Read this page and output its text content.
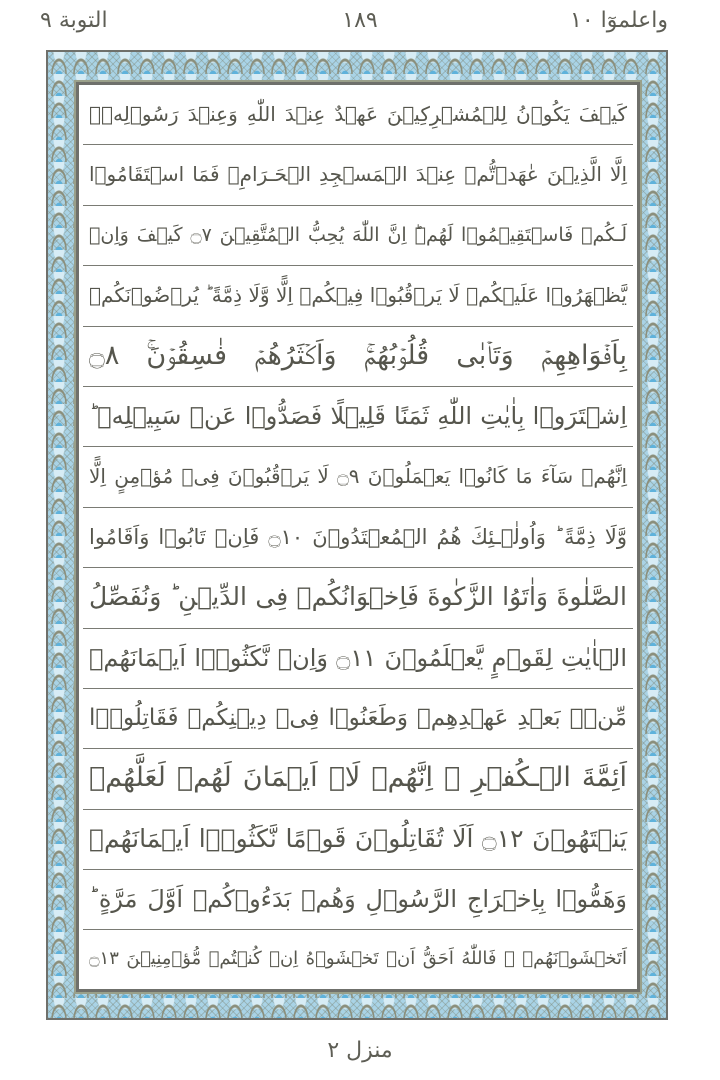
واعلموٓا ١٠
١٨٩
التوبة ٩
كَيۡفَ يَكُوۡنُ لِلۡمُشۡرِكِيۡنَ عَهۡدٌ عِنۡدَ اللّٰهِ وَعِنۡدَ رَسُوۡلِهٖۤ
اِلَّا الَّذِيۡنَ عٰهَدۡتُّمۡ عِنۡدَ الۡمَسۡجِدِ الۡحَـرَامِ‌ۚ فَمَا اسۡتَقَامُوۡا
لَـكُمۡ فَاسۡتَقِيۡمُوۡا لَهُمۡ‌ؕ اِنَّ اللّٰهَ يُحِبُّ الۡمُتَّقِيۡنَ ۝٧ كَيۡفَ وَاِنۡ
يَّظۡهَرُوۡا عَلَيۡكُمۡ لَا يَرۡقُبُوۡا فِيۡكُمۡ اِلًّا وَّلَا ذِمَّةً‌ ؕ يُرۡضُوۡنَكُمۡ
بِاَفۡوَاهِهِمۡ وَتَاۡبٰى قُلُوۡبُهُمۡ‌ۚ وَاَكۡثَرُهُمۡ فٰسِقُوۡنَ‌ۚ ۝٨
اِشۡتَرَوۡا بِاٰيٰتِ اللّٰهِ ثَمَنًا قَلِيۡلًا فَصَدُّوۡا عَنۡ سَبِيۡلِهٖ‌ ؕ
اِنَّهُمۡ سَآءَ مَا كَانُوۡا يَعۡمَلُوۡنَ ۝٩ لَا يَرۡقُبُوۡنَ فِىۡ مُؤۡمِنٍ اِلًّا
وَّلَا ذِمَّةً‌ ؕ وَاُولٰۤـئِكَ هُمُ الۡمُعۡتَدُوۡنَ ۝١٠ فَاِنۡ تَابُوۡا وَاَقَامُوا
الصَّلٰوةَ وَاٰتَوُا الزَّكٰوةَ فَاِخۡوَانُكُمۡ فِى الدِّيۡنِ‌ ؕ وَنُفَصِّلُ
الۡاٰيٰتِ لِقَوۡمٍ يَّعۡلَمُوۡنَ ۝١١ وَاِنۡ نَّكَثُوۡۤا اَيۡمَانَهُمۡ
مِّنۡۢ بَعۡدِ عَهۡدِهِمۡ وَطَعَنُوۡا فِىۡ دِيۡنِكُمۡ فَقَاتِلُوۡۤا
اَئِمَّةَ الۡـكُفۡرِ‌ ۙ اِنَّهُمۡ لَاۤ اَيۡمَانَ لَهُمۡ لَعَلَّهُمۡ
يَنۡتَهُوۡنَ ۝١٢ اَلَا تُقَاتِلُوۡنَ قَوۡمًا نَّكَثُوۡۤا اَيۡمَانَهُمۡ
وَهَمُّوۡا بِاِخۡرَاجِ الرَّسُوۡلِ وَهُمۡ بَدَءُوۡكُمۡ اَوَّلَ مَرَّةٍ‌ ؕ
اَتَخۡشَوۡنَهُمۡ‌ ۚ فَاللّٰهُ اَحَقُّ اَنۡ تَخۡشَوۡهُ اِنۡ كُنۡتُمۡ مُّؤۡمِنِيۡنَ ۝١٣
منزل ٢
